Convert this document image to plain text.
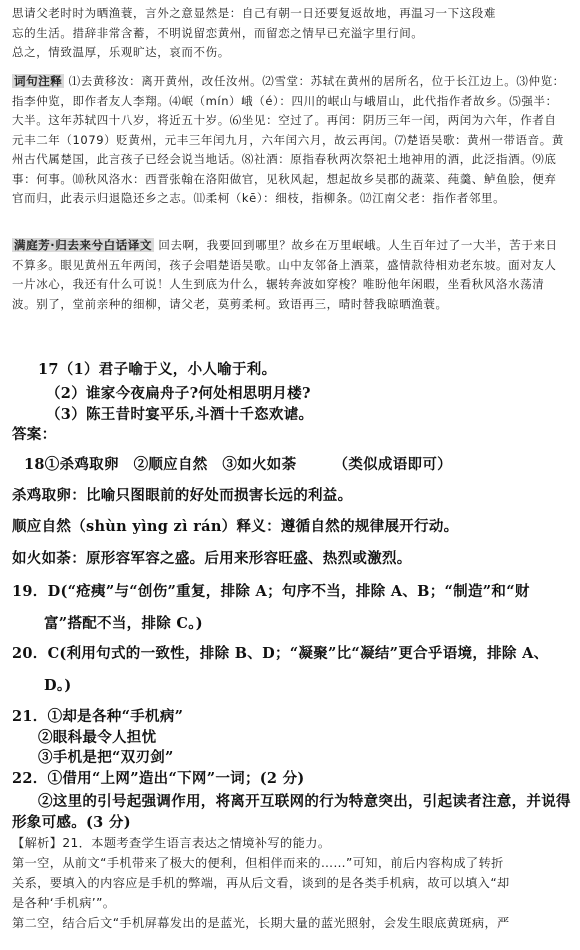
思请父老时时为晒渔蓑，言外之意显然是：自己有朝一日还要复返故地，再温习一下这段难
忘的生活。措辞非常含蓄，不明说留恋黄州，而留恋之情早已充溢字里行间。
总之，情致温厚，乐观旷达，哀而不伤。
词句注释 ⑴去黄移汝：离开黄州，改任汝州。⑵雪堂：苏轼在黄州的居所名，位于长江边上。⑶仲览：指李仲览，即作者友人李翔。⑷岷（mín）峨（é）：四川的岷山与峨眉山，此代指作者故乡。⑸强半：大半。这年苏轼四十八岁，将近五十岁。⑹坐见：空过了。再闰：阴历三年一闰，两闰为六年，作者自元丰二年（1079）贬黄州，元丰三年闰九月，六年闰六月，故云再闰。⑺楚语吴歌：黄州一带语音。黄州古代属楚国，此言孩子已经会说当地话。⑻社酒：原指春秋两次祭祀土地神用的酒，此泛指酒。⑼底事：何事。⑽秋风洛水：西晋张翰在洛阳做官，见秋风起，想起故乡吴郡的蔬菜、莼羹、鲈鱼脍，便弃官而归，此表示归退隐还乡之志。⑾柔柯（kē）：细枝，指柳条。⑿江南父老：指作者邻里。
满庭芳·归去来兮白话译文 回去啊，我要回到哪里？故乡在万里岷峨。人生百年过了一大半，苦于来日不算多。眼见黄州五年两闰，孩子会唱楚语吴歌。山中友邻备上酒菜，盛情款待相劝老东坡。面对友人一片冰心，我还有什么可说！人生到底为什么，辗转奔波如穿梭？唯盼他年闲暇，坐看秋风洛水荡清波。别了，堂前亲种的细柳，请父老，莫剪柔柯。致语再三，晴时替我晾晒渔蓑。
17（1）君子喻于义，小人喻于利。
（2）谁家今夜扁舟子?何处相思明月楼?
（3）陈王昔时宴平乐,斗酒十千恣欢谑。
答案：
18①杀鸡取卵　②顺应自然　③如火如荼　　　（类似成语即可）
杀鸡取卵：比喻只图眼前的好处而损害长远的利益。
顺应自然（shùn yìng zì rán）释义：遵循自然的规律展开行动。
如火如荼：原形容军容之盛。后用来形容旺盛、热烈或激烈。
19．D(“疮痍”与“创伤”重复，排除 A；句序不当，排除 A、B；“制造”和“财
富”搭配不当，排除 C。)
20．C(利用句式的一致性，排除 B、D；“凝聚”比“凝结”更合乎语境，排除 A、
D。)
21．①却是各种“手机病”
②眼科最令人担忧
③手机是把“双刃剑”
22．①借用“上网”造出“下网”一词；(2 分)
②这里的引号起强调作用，将离开互联网的行为特意突出，引起读者注意，并说得
形象可感。(3 分)
【解析】21．本题考查学生语言表达之情境补写的能力。
第一空，从前文“手机带来了极大的便利，但相伴而来的……”可知，前后内容构成了转折
关系，要填入的内容应是手机的弊端，再从后文看，谈到的是各类手机病，故可以填入“却
是各种‘手机病’”。
第二空，结合后文“手机屏幕发出的是蓝光，长期大量的蓝光照射，会发生眼底黄斑病，严
